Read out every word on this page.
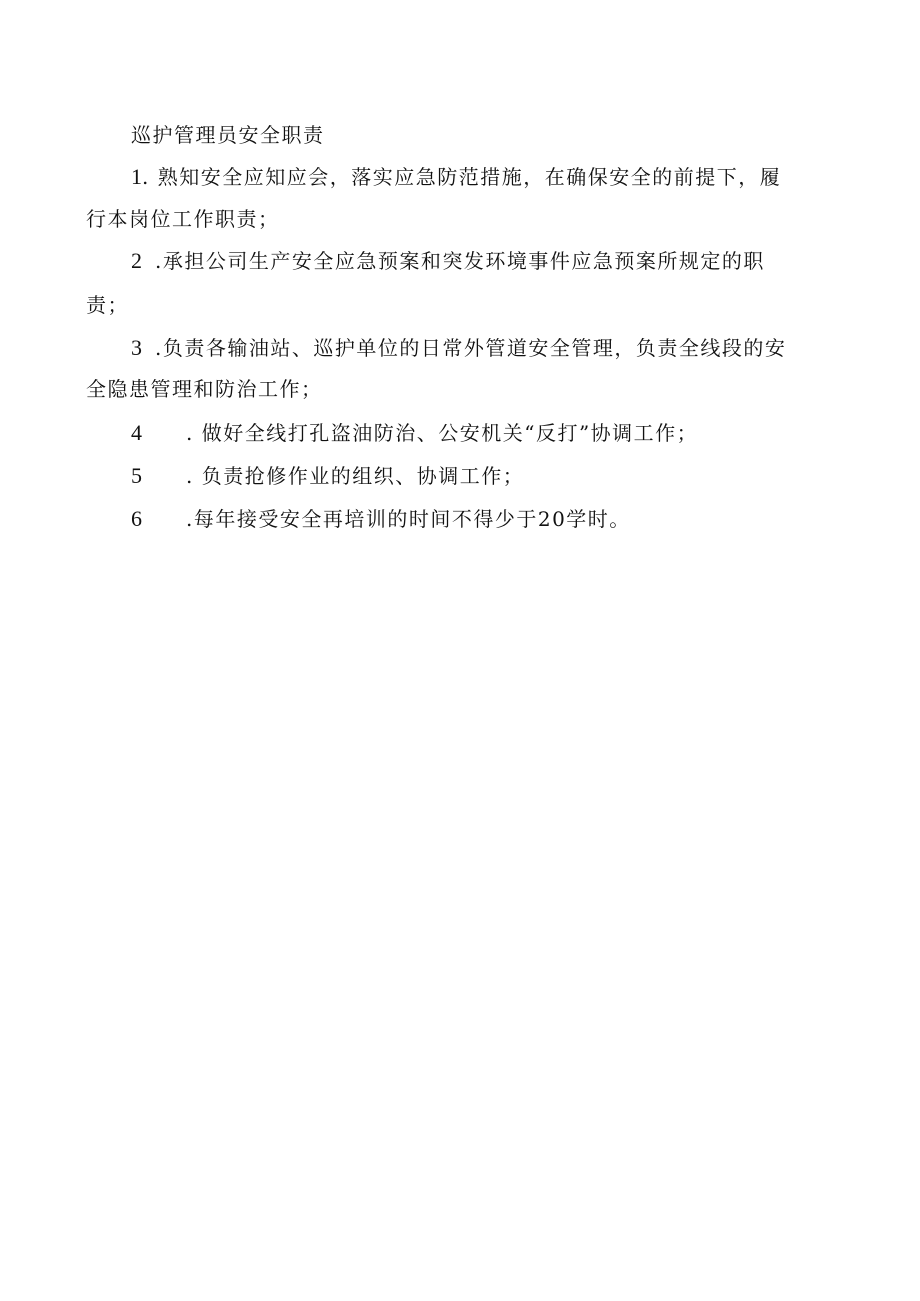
巡护管理员安全职责
1 . 熟知安全应知应会，落实应急防范措施，在确保安全的前提下，履
行本岗位工作职责；
2 .承担公司生产安全应急预案和突发环境事件应急预案所规定的职
责；
3 .负责各输油站、巡护单位的日常外管道安全管理，负责全线段的安
全隐患管理和防治工作；
4 . 做好全线打孔盗油防治、公安机关“反打”协调工作；
5 . 负责抢修作业的组织、协调工作；
6 .每年接受安全再培训的时间不得少于20学时。
